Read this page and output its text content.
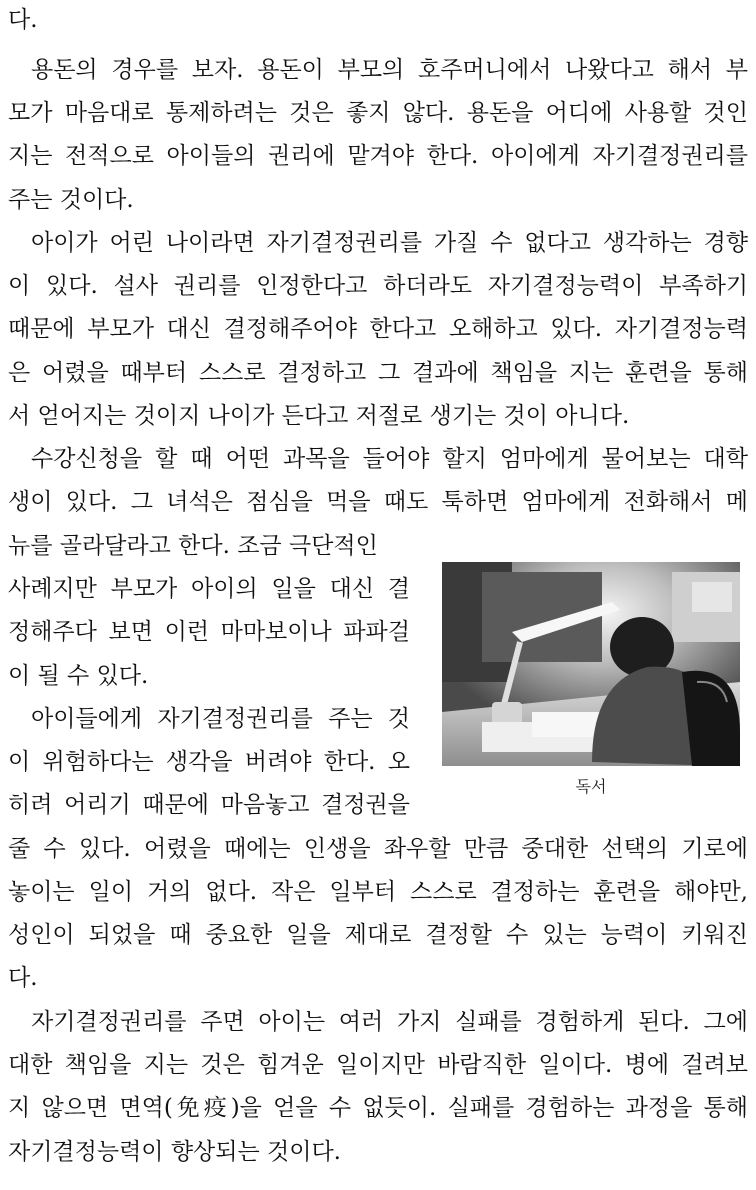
다.
용돈의 경우를 보자. 용돈이 부모의 호주머니에서 나왔다고 해서 부
모가 마음대로 통제하려는 것은 좋지 않다. 용돈을 어디에 사용할 것인
지는 전적으로 아이들의 권리에 맡겨야 한다. 아이에게 자기결정권리를
주는 것이다.
아이가 어린 나이라면 자기결정권리를 가질 수 없다고 생각하는 경향
이 있다. 설사 권리를 인정한다고 하더라도 자기결정능력이 부족하기
때문에 부모가 대신 결정해주어야 한다고 오해하고 있다. 자기결정능력
은 어렸을 때부터 스스로 결정하고 그 결과에 책임을 지는 훈련을 통해
서 얻어지는 것이지 나이가 든다고 저절로 생기는 것이 아니다.
수강신청을 할 때 어떤 과목을 들어야 할지 엄마에게 물어보는 대학
생이 있다. 그 녀석은 점심을 먹을 때도 툭하면 엄마에게 전화해서 메
뉴를 골라달라고 한다. 조금 극단적인
사례지만 부모가 아이의 일을 대신 결
정해주다 보면 이런 마마보이나 파파걸
이 될 수 있다.
아이들에게 자기결정권리를 주는 것
이 위험하다는 생각을 버려야 한다. 오
히려 어리기 때문에 마음놓고 결정권을
줄 수 있다. 어렸을 때에는 인생을 좌우할 만큼 중대한 선택의 기로에
놓이는 일이 거의 없다. 작은 일부터 스스로 결정하는 훈련을 해야만,
성인이 되었을 때 중요한 일을 제대로 결정할 수 있는 능력이 키워진
다.
자기결정권리를 주면 아이는 여러 가지 실패를 경험하게 된다. 그에
대한 책임을 지는 것은 힘겨운 일이지만 바람직한 일이다. 병에 걸려보
지 않으면 면역(免疫)을 얻을 수 없듯이. 실패를 경험하는 과정을 통해
자기결정능력이 향상되는 것이다.
독서
